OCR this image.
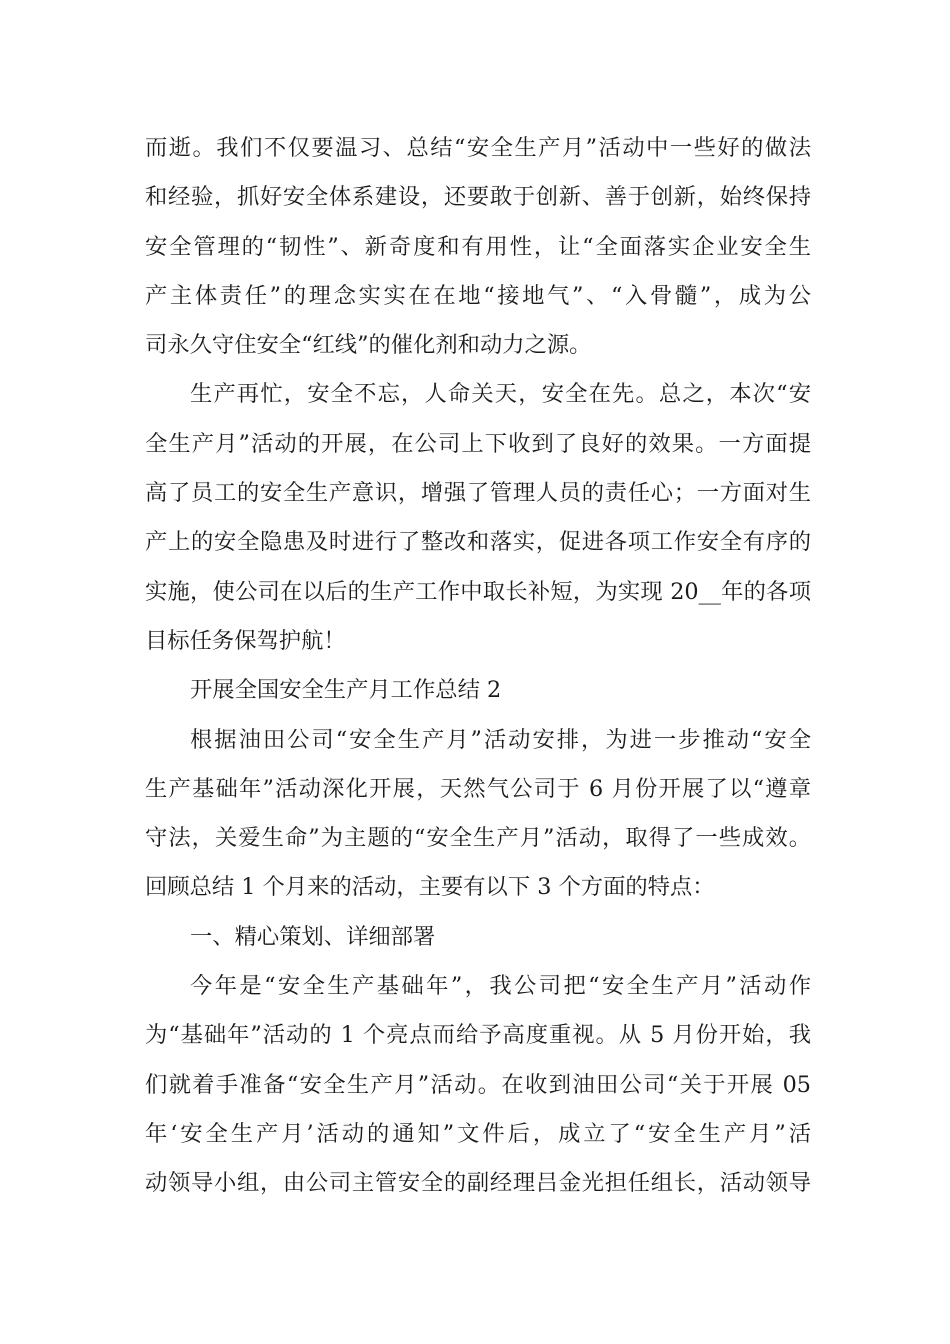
而逝。我们不仅要温习、总结“安全生产月”活动中一些好的做法
和经验，抓好安全体系建设，还要敢于创新、善于创新，始终保持
安全管理的“韧性”、新奇度和有用性，让“全面落实企业安全生
产主体责任”的理念实实在在地“接地气”、“入骨髓”，成为公
司永久守住安全“红线”的催化剂和动力之源。

生产再忙，安全不忘，人命关天，安全在先。总之，本次“安
全生产月”活动的开展，在公司上下收到了良好的效果。一方面提
高了员工的安全生产意识，增强了管理人员的责任心；一方面对生
产上的安全隐患及时进行了整改和落实，促进各项工作安全有序的
实施，使公司在以后的生产工作中取长补短，为实现 20__年的各项
目标任务保驾护航！

开展全国安全生产月工作总结 2

根据油田公司“安全生产月”活动安排，为进一步推动“安全
生产基础年”活动深化开展，天然气公司于 6 月份开展了以“遵章
守法，关爱生命”为主题的“安全生产月”活动，取得了一些成效。
回顾总结 1 个月来的活动，主要有以下 3 个方面的特点：

一、精心策划、详细部署

今年是“安全生产基础年”，我公司把“安全生产月”活动作
为“基础年”活动的 1 个亮点而给予高度重视。从 5 月份开始，我
们就着手准备“安全生产月”活动。在收到油田公司“关于开展 05
年‘安全生产月’活动的通知”文件后，成立了“安全生产月”活
动领导小组，由公司主管安全的副经理吕金光担任组长，活动领导
